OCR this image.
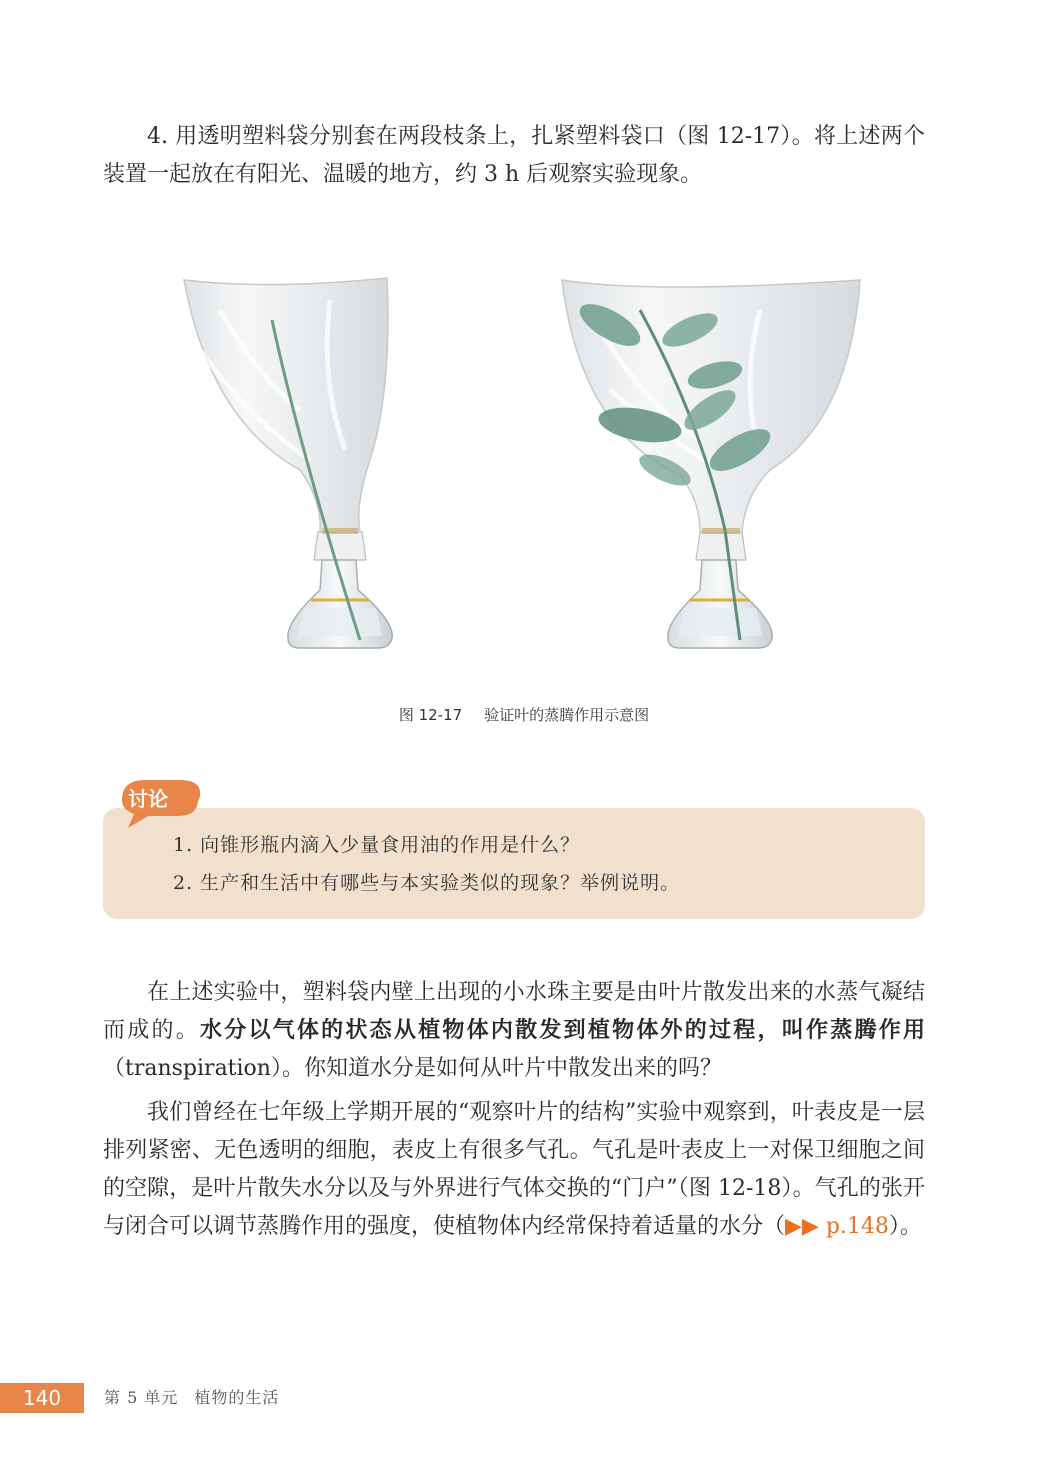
4. 用透明塑料袋分别套在两段枝条上，扎紧塑料袋口（图 12-17）。将上述两个装置一起放在有阳光、温暖的地方，约 3 h 后观察实验现象。

图 12-17 验证叶的蒸腾作用示意图
1. 向锥形瓶内滴入少量食用油的作用是什么？
2. 生产和生活中有哪些与本实验类似的现象？举例说明。
讨论

在上述实验中，塑料袋内壁上出现的小水珠主要是由叶片散发出来的水蒸气凝结而成的。水分以气体的状态从植物体内散发到植物体外的过程，叫作蒸腾作用（transpiration）。你知道水分是如何从叶片中散发出来的吗？

我们曾经在七年级上学期开展的“观察叶片的结构”实验中观察到，叶表皮是一层排列紧密、无色透明的细胞，表皮上有很多气孔。气孔是叶表皮上一对保卫细胞之间的空隙，是叶片散失水分以及与外界进行气体交换的“门户”（图 12-18）。气孔的张开与闭合可以调节蒸腾作用的强度，使植物体内经常保持着适量的水分（▶▶ p.148）。

140	第 5 单元 植物的生活
